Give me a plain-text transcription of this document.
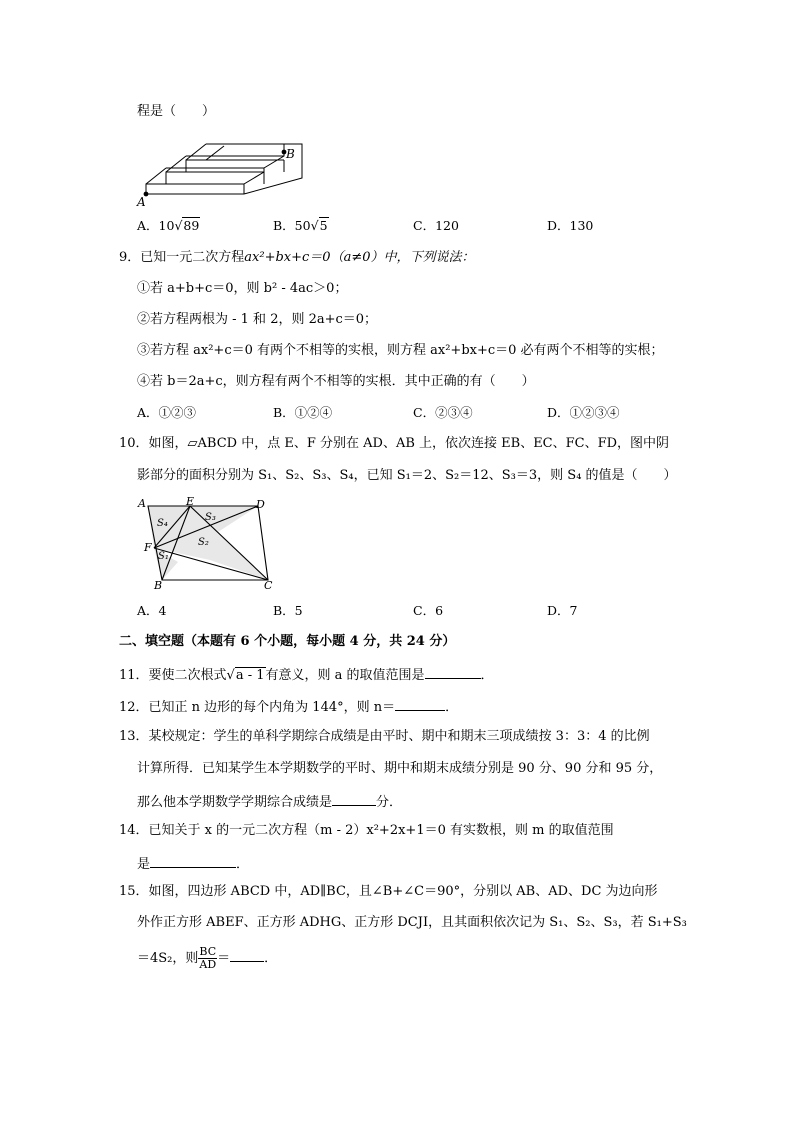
程是（　　）
A
B
A．10√89	B．50√5	C．120	D．130
9．已知一元二次方程ax²+bx+c＝0（a≠0）中，下列说法：
①若 a+b+c＝0，则 b² - 4ac＞0；
②若方程两根为 - 1 和 2，则 2a+c＝0；
③若方程 ax²+c＝0 有两个不相等的实根，则方程 ax²+bx+c＝0 必有两个不相等的实根；
④若 b＝2a+c，则方程有两个不相等的实根．其中正确的有（　　）
A．①②③	B．①②④	C．②③④	D．①②③④
10．如图，▱ABCD 中，点 E、F 分别在 AD、AB 上，依次连接 EB、EC、FC、FD，图中阴
影部分的面积分别为 S₁、S₂、S₃、S₄，已知 S₁＝2、S₂＝12、S₃＝3，则 S₄ 的值是（　　）
A	E	D
F
B	C
S₄
S₃
S₂
S₁
A．4	B．5	C．6	D．7
二、填空题（本题有 6 个小题，每小题 4 分，共 24 分）
11．要使二次根式√a - 1有意义，则 a 的取值范围是	．
12．已知正 n 边形的每个内角为 144°，则 n＝	．
13．某校规定：学生的单科学期综合成绩是由平时、期中和期末三项成绩按 3：3：4 的比例
计算所得．已知某学生本学期数学的平时、期中和期末成绩分别是 90 分、90 分和 95 分，
那么他本学期数学学期综合成绩是	分．
14．已知关于 x 的一元二次方程（m - 2）x²+2x+1＝0 有实数根，则 m 的取值范围
是	．
15．如图，四边形 ABCD 中，AD∥BC，且∠B+∠C＝90°，分别以 AB、AD、DC 为边向形
外作正方形 ABEF、正方形 ADHG、正方形 DCJI，且其面积依次记为 S₁、S₂、S₃，若 S₁+S₃
＝4S₂，则 $\frac{BC}{AD}$ ＝	．
